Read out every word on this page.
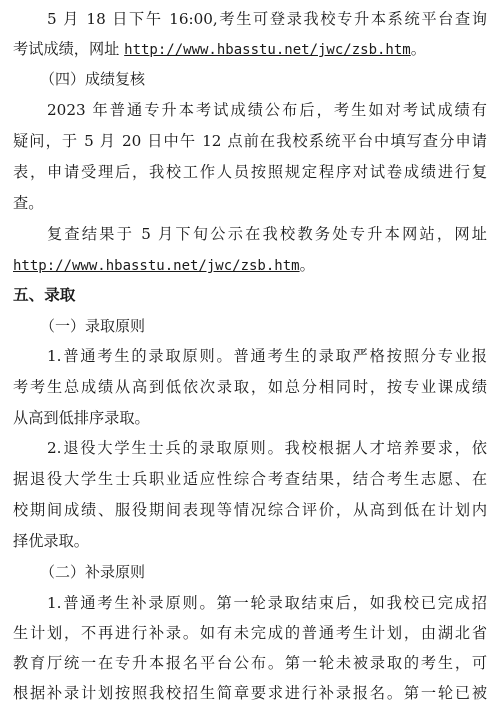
5 月 18 日下午 16:00,考生可登录我校专升本系统平台查询
考试成绩，网址 http://www.hbasstu.net/jwc/zsb.htm。
（四）成绩复核
2023 年普通专升本考试成绩公布后，考生如对考试成绩有
疑问，于 5 月 20 日中午 12 点前在我校系统平台中填写查分申请
表，申请受理后，我校工作人员按照规定程序对试卷成绩进行复
查。
复查结果于 5 月下旬公示在我校教务处专升本网站，网址
http://www.hbasstu.net/jwc/zsb.htm。
五、录取
（一）录取原则
1.普通考生的录取原则。普通考生的录取严格按照分专业报
考考生总成绩从高到低依次录取，如总分相同时，按专业课成绩
从高到低排序录取。
2.退役大学生士兵的录取原则。我校根据人才培养要求，依
据退役大学生士兵职业适应性综合考查结果，结合考生志愿、在
校期间成绩、服役期间表现等情况综合评价，从高到低在计划内
择优录取。
（二）补录原则
1.普通考生补录原则。第一轮录取结束后，如我校已完成招
生计划，不再进行补录。如有未完成的普通考生计划，由湖北省
教育厅统一在专升本报名平台公布。第一轮未被录取的考生，可
根据补录计划按照我校招生简章要求进行补录报名。第一轮已被
